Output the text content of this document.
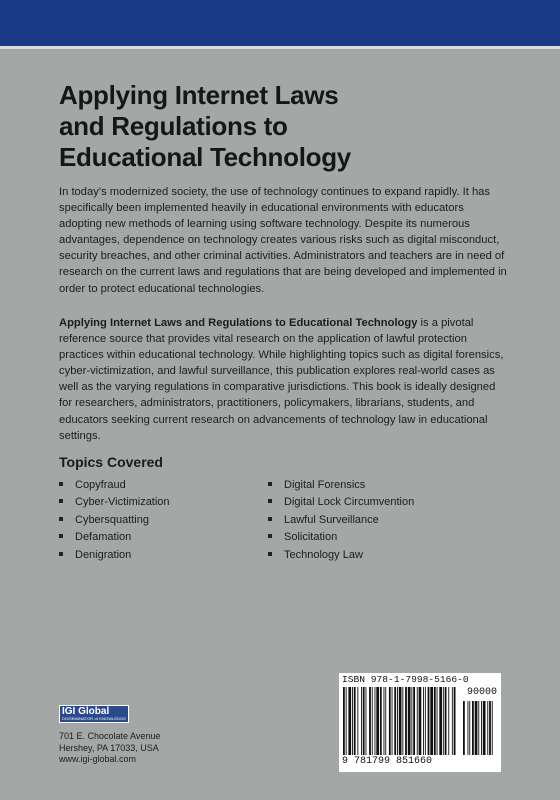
Applying Internet Laws
and Regulations to
Educational Technology

In today’s modernized society, the use of technology continues to expand rapidly. It has specifically been implemented heavily in educational environments with educators adopting new methods of learning using software technology. Despite its numerous advantages, dependence on technology creates various risks such as digital misconduct, security breaches, and other criminal activities. Administrators and teachers are in need of research on the current laws and regulations that are being developed and implemented in order to protect educational technologies.

Applying Internet Laws and Regulations to Educational Technology is a pivotal reference source that provides vital research on the application of lawful protection practices within educational technology. While highlighting topics such as digital forensics, cyber-victimization, and lawful surveillance, this publication explores real-world cases as well as the varying regulations in comparative jurisdictions. This book is ideally designed for researchers, administrators, practitioners, policymakers, librarians, students, and educators seeking current research on advancements of technology law in educational settings.

Topics Covered
Copyfraud
Cyber-Victimization
Cybersquatting
Defamation
Denigration
Digital Forensics
Digital Lock Circumvention
Lawful Surveillance
Solicitation
Technology Law
IGI Global
DISSEMINATOR of KNOWLEDGE

701 E. Chocolate Avenue
Hershey, PA 17033, USA
www.igi-global.com

ISBN 978-1-7998-5166-0
90000
9 781799 851660
